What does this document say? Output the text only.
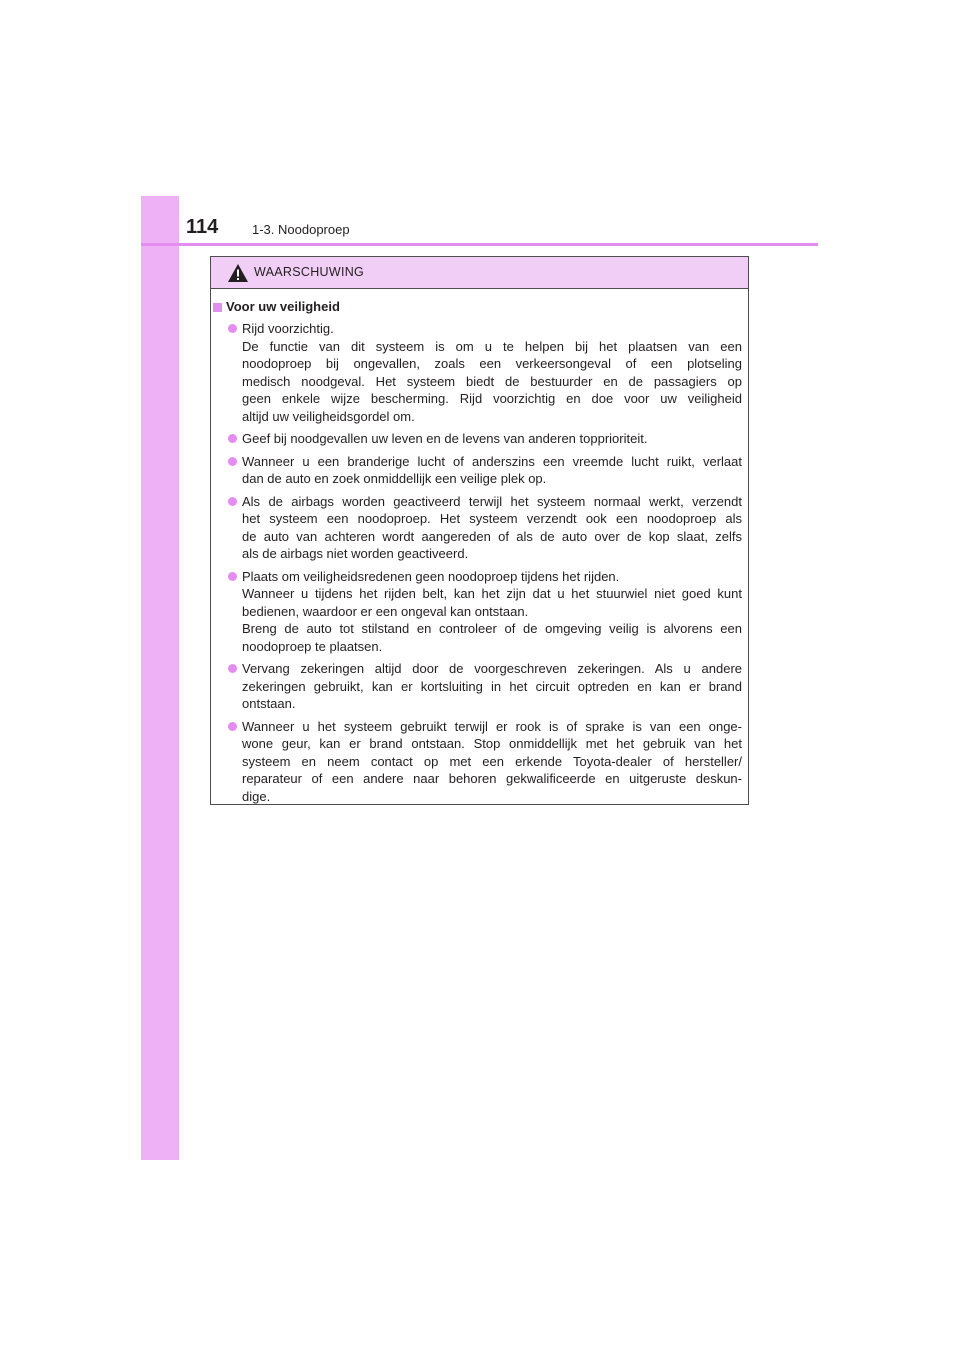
114	1-3. Noodoproep
WAARSCHUWING
Voor uw veiligheid
Rijd voorzichtig.
De functie van dit systeem is om u te helpen bij het plaatsen van een
noodoproep bij ongevallen, zoals een verkeersongeval of een plotseling
medisch noodgeval. Het systeem biedt de bestuurder en de passagiers op
geen enkele wijze bescherming. Rijd voorzichtig en doe voor uw veiligheid
altijd uw veiligheidsgordel om.
Geef bij noodgevallen uw leven en de levens van anderen topprioriteit.
Wanneer u een branderige lucht of anderszins een vreemde lucht ruikt, verlaat
dan de auto en zoek onmiddellijk een veilige plek op.
Als de airbags worden geactiveerd terwijl het systeem normaal werkt, verzendt
het systeem een noodoproep. Het systeem verzendt ook een noodoproep als
de auto van achteren wordt aangereden of als de auto over de kop slaat, zelfs
als de airbags niet worden geactiveerd.
Plaats om veiligheidsredenen geen noodoproep tijdens het rijden.
Wanneer u tijdens het rijden belt, kan het zijn dat u het stuurwiel niet goed kunt
bedienen, waardoor er een ongeval kan ontstaan.
Breng de auto tot stilstand en controleer of de omgeving veilig is alvorens een
noodoproep te plaatsen.
Vervang zekeringen altijd door de voorgeschreven zekeringen. Als u andere
zekeringen gebruikt, kan er kortsluiting in het circuit optreden en kan er brand
ontstaan.
Wanneer u het systeem gebruikt terwijl er rook is of sprake is van een onge-
wone geur, kan er brand ontstaan. Stop onmiddellijk met het gebruik van het
systeem en neem contact op met een erkende Toyota-dealer of hersteller/
reparateur of een andere naar behoren gekwalificeerde en uitgeruste deskun-
dige.
